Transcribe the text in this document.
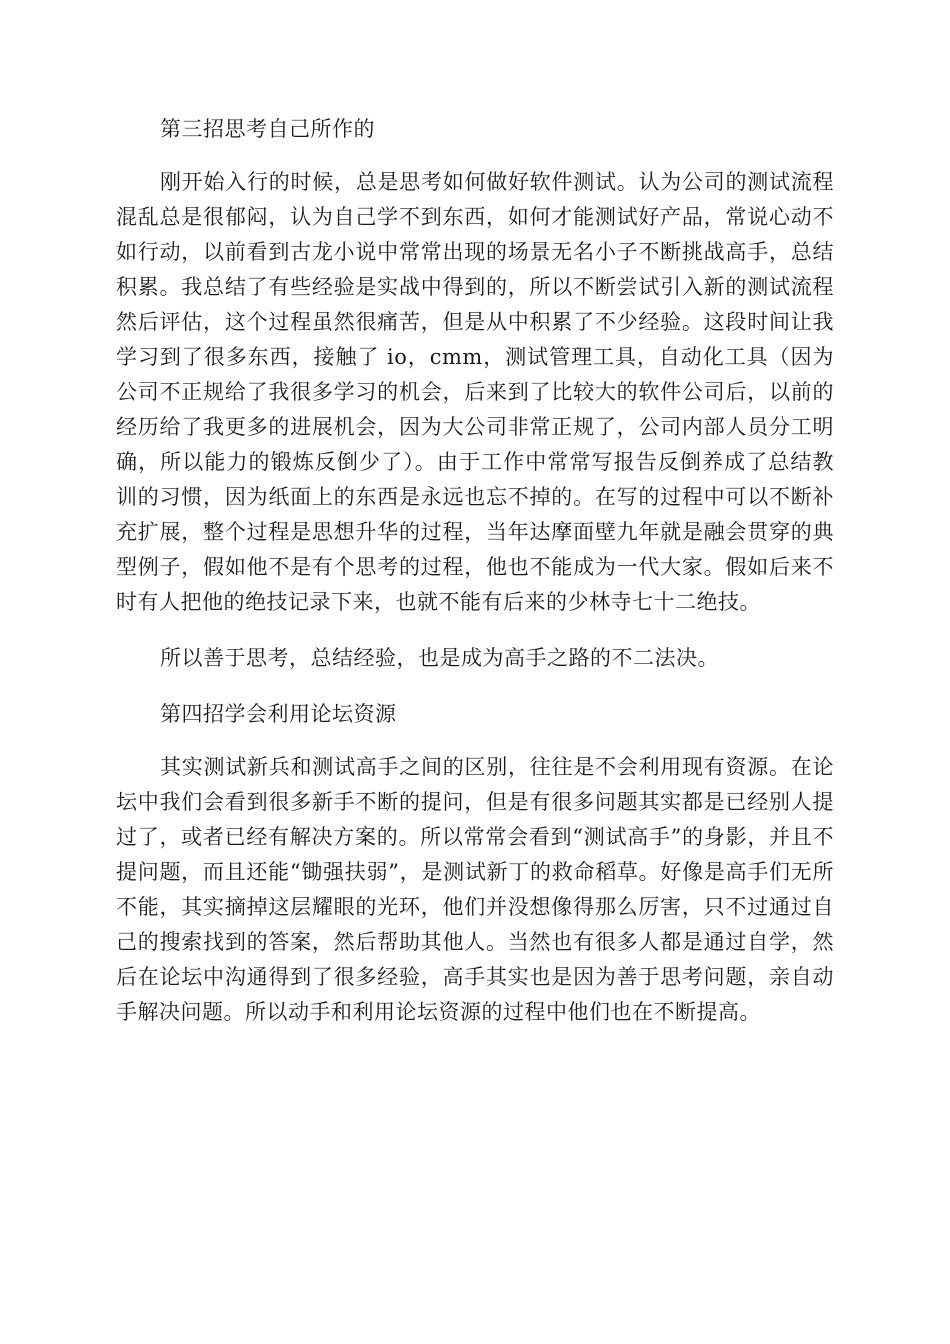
第三招思考自己所作的

刚开始入行的时候，总是思考如何做好软件测试。认为公司的测试流程混乱总是很郁闷，认为自己学不到东西，如何才能测试好产品，常说心动不如行动，以前看到古龙小说中常常出现的场景无名小子不断挑战高手，总结积累。我总结了有些经验是实战中得到的，所以不断尝试引入新的测试流程然后评估，这个过程虽然很痛苦，但是从中积累了不少经验。这段时间让我学习到了很多东西，接触了 io，cmm，测试管理工具，自动化工具（因为公司不正规给了我很多学习的机会，后来到了比较大的软件公司后，以前的经历给了我更多的进展机会，因为大公司非常正规了，公司内部人员分工明确，所以能力的锻炼反倒少了）。由于工作中常常写报告反倒养成了总结教训的习惯，因为纸面上的东西是永远也忘不掉的。在写的过程中可以不断补充扩展，整个过程是思想升华的过程，当年达摩面壁九年就是融会贯穿的典型例子，假如他不是有个思考的过程，他也不能成为一代大家。假如后来不时有人把他的绝技记录下来，也就不能有后来的少林寺七十二绝技。

所以善于思考，总结经验，也是成为高手之路的不二法决。

第四招学会利用论坛资源

其实测试新兵和测试高手之间的区别，往往是不会利用现有资源。在论坛中我们会看到很多新手不断的提问，但是有很多问题其实都是已经别人提过了，或者已经有解决方案的。所以常常会看到“测试高手”的身影，并且不提问题，而且还能“锄强扶弱”，是测试新丁的救命稻草。好像是高手们无所不能，其实摘掉这层耀眼的光环，他们并没想像得那么厉害，只不过通过自己的搜索找到的答案，然后帮助其他人。当然也有很多人都是通过自学，然后在论坛中沟通得到了很多经验，高手其实也是因为善于思考问题，亲自动手解决问题。所以动手和利用论坛资源的过程中他们也在不断提高。
